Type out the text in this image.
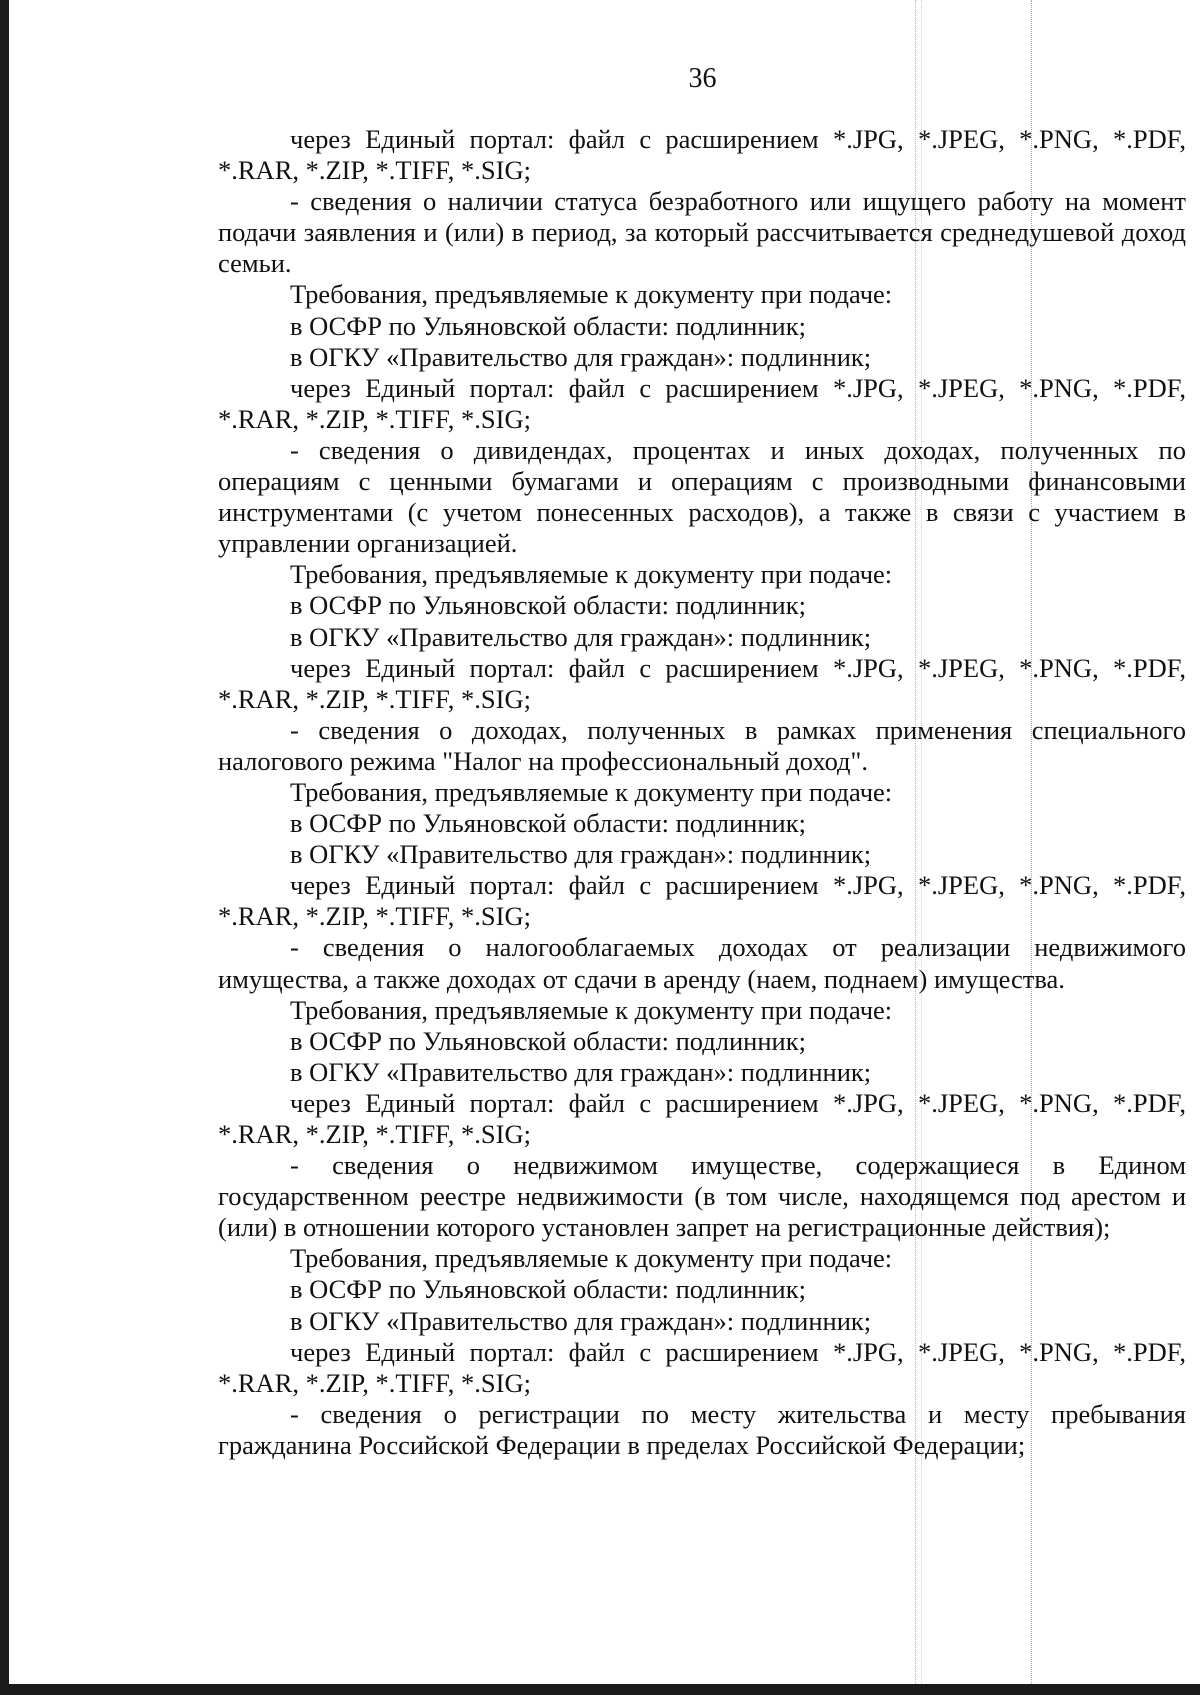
36

через Единый портал: файл с расширением *.JPG, *.JPEG, *.PNG, *.PDF, *.RAR, *.ZIP, *.TIFF, *.SIG;

- сведения о наличии статуса безработного или ищущего работу на момент подачи заявления и (или) в период, за который рассчитывается среднедушевой доход семьи.

Требования, предъявляемые к документу при подаче:

в ОСФР по Ульяновской области: подлинник;

в ОГКУ «Правительство для граждан»: подлинник;

через Единый портал: файл с расширением *.JPG, *.JPEG, *.PNG, *.PDF, *.RAR, *.ZIP, *.TIFF, *.SIG;

- сведения о дивидендах, процентах и иных доходах, полученных по операциям с ценными бумагами и операциям с производными финансовыми инструментами (с учетом понесенных расходов), а также в связи с участием в управлении организацией.

Требования, предъявляемые к документу при подаче:

в ОСФР по Ульяновской области: подлинник;

в ОГКУ «Правительство для граждан»: подлинник;

через Единый портал: файл с расширением *.JPG, *.JPEG, *.PNG, *.PDF, *.RAR, *.ZIP, *.TIFF, *.SIG;

- сведения о доходах, полученных в рамках применения специального налогового режима "Налог на профессиональный доход".

Требования, предъявляемые к документу при подаче:

в ОСФР по Ульяновской области: подлинник;

в ОГКУ «Правительство для граждан»: подлинник;

через Единый портал: файл с расширением *.JPG, *.JPEG, *.PNG, *.PDF, *.RAR, *.ZIP, *.TIFF, *.SIG;

- сведения о налогооблагаемых доходах от реализации недвижимого имущества, а также доходах от сдачи в аренду (наем, поднаем) имущества.

Требования, предъявляемые к документу при подаче:

в ОСФР по Ульяновской области: подлинник;

в ОГКУ «Правительство для граждан»: подлинник;

через Единый портал: файл с расширением *.JPG, *.JPEG, *.PNG, *.PDF, *.RAR, *.ZIP, *.TIFF, *.SIG;

- сведения о недвижимом имуществе, содержащиеся в Едином государственном реестре недвижимости (в том числе, находящемся под арестом и (или) в отношении которого установлен запрет на регистрационные действия);

Требования, предъявляемые к документу при подаче:

в ОСФР по Ульяновской области: подлинник;

в ОГКУ «Правительство для граждан»: подлинник;

через Единый портал: файл с расширением *.JPG, *.JPEG, *.PNG, *.PDF, *.RAR, *.ZIP, *.TIFF, *.SIG;

- сведения о регистрации по месту жительства и месту пребывания гражданина Российской Федерации в пределах Российской Федерации;
